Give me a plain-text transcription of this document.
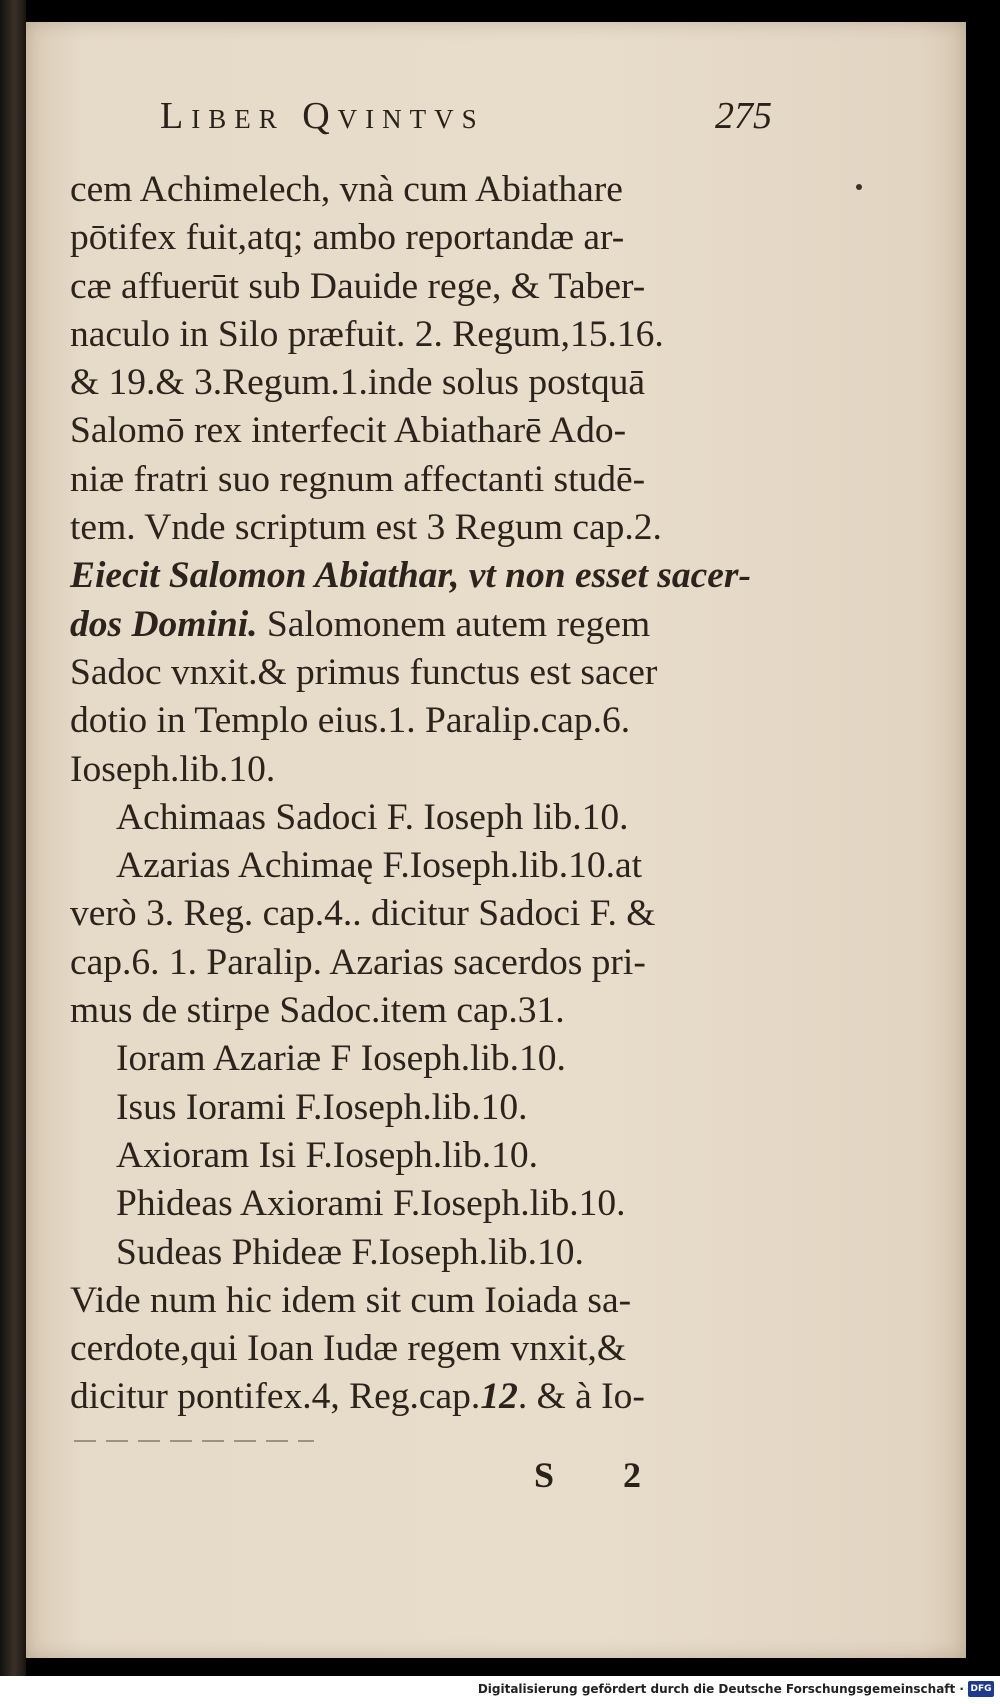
Liber Qvintvs	275
cem Achimelech, vnà cum Abiathare
pōtifex fuit,atq; ambo reportandæ ar-
cæ affuerūt sub Dauide rege, & Taber-
naculo in Silo præfuit. 2. Regum,15.16.
& 19.& 3.Regum.1.inde solus postquā
Salomō rex interfecit Abiatharē Ado-
niæ fratri suo regnum affectanti studē-
tem. Vnde scriptum est 3 Regum cap.2.
Eiecit Salomon Abiathar, vt non esset sacer-
dos Domini. Salomonem autem regem
Sadoc vnxit.& primus functus est sacer
dotio in Templo eius.1. Paralip.cap.6.
Ioseph.lib.10.
Achimaas Sadoci F. Ioseph lib.10.
Azarias Achimaę F.Ioseph.lib.10.at
verò 3. Reg. cap.4.. dicitur Sadoci F. &
cap.6. 1. Paralip. Azarias sacerdos pri-
mus de stirpe Sadoc.item cap.31.
Ioram Azariæ F Ioseph.lib.10.
Isus Iorami F.Ioseph.lib.10.
Axioram Isi F.Ioseph.lib.10.
Phideas Axiorami F.Ioseph.lib.10.
Sudeas Phideæ F.Ioseph.lib.10.
Vide num hic idem sit cum Ioiada sa-
cerdote,qui Ioan Iudæ regem vnxit,&
dicitur pontifex.4, Reg.cap.12. & à Io-
S 2
Digitalisierung gefördert durch die Deutsche Forschungsgemeinschaft · DFG
